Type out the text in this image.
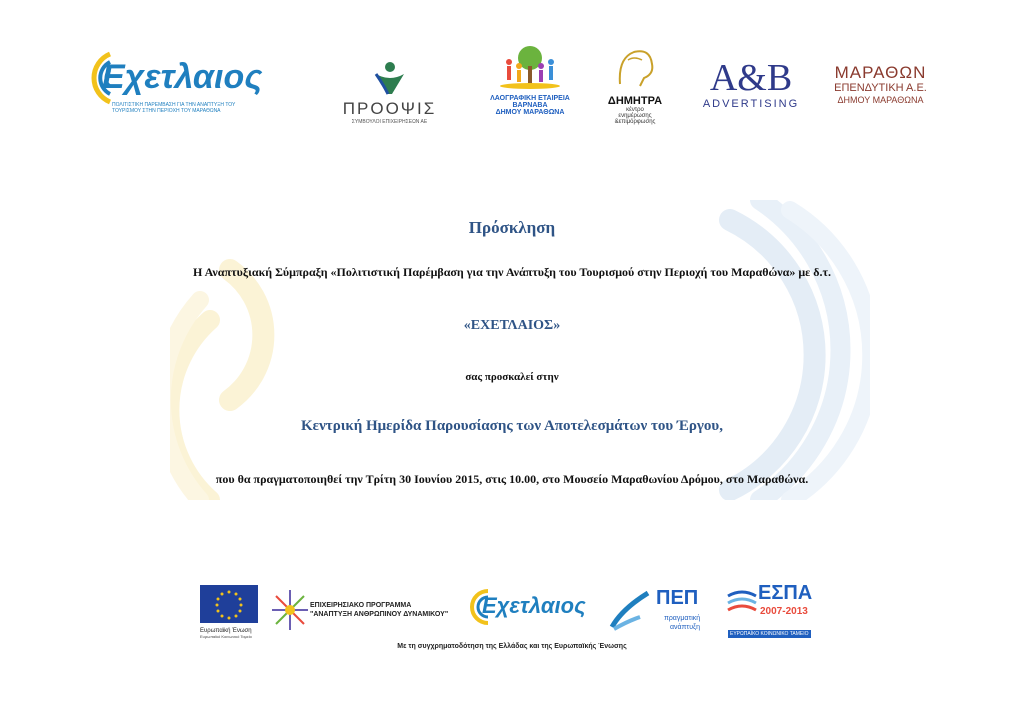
Εχετλαιος
ΠΟΛΙΤΙΣΤΙΚΗ ΠΑΡΕΜΒΑΣΗ ΓΙΑ ΤΗΝ ΑΝΑΠΤΥΞΗ ΤΟΥ ΤΟΥΡΙΣΜΟΥ ΣΤΗΝ ΠΕΡΙΟΧΗ ΤΟΥ ΜΑΡΑΘΩΝΑ	ΠΡΟΟΨΙΣ
ΣΥΜΒΟΥΛΟΙ ΕΠΙΧΕΙΡΗΣΕΩΝ ΑΕ
ΛΑΟΓΡΑΦΙΚΗ ΕΤΑΙΡΕΙΑ
ΒΑΡΝΑΒΑ
ΔΗΜΟΥ ΜΑΡΑΘΩΝΑ
ΔΗΜΗΤΡΑ
κέντρο
ενημέρωσης
&επιμόρφωσης
A&B
ADVERTISING
ΜΑΡΑΘΩΝ
ΕΠΕΝΔΥΤΙΚΗ Α.Ε.
ΔΗΜΟΥ ΜΑΡΑΘΩΝΑ
Πρόσκληση
Η Αναπτυξιακή Σύμπραξη «Πολιτιστική Παρέμβαση για την Ανάπτυξη του Τουρισμού στην Περιοχή του Μαραθώνα» με δ.τ.
«ΕΧΕΤΛΑΙΟΣ»
σας προσκαλεί στην
Κεντρική Ημερίδα Παρουσίασης των Αποτελεσμάτων του Έργου,
που θα πραγματοποιηθεί την Τρίτη 30 Ιουνίου 2015, στις 10.00, στο Μουσείο Μαραθωνίου Δρόμου, στο Μαραθώνα.
Ευρωπαϊκή Ένωση
Ευρωπαϊκό Κοινωνικό Ταμείο
ΕΠΙΧΕΙΡΗΣΙΑΚΟ ΠΡΟΓΡΑΜΜΑ
"ΑΝΑΠΤΥΞΗ ΑΝΘΡΩΠΙΝΟΥ ΔΥΝΑΜΙΚΟΥ" Εχετλαιος	ΠΕΠ
πραγματική
ανάπτυξη
ΕΣΠΑ
2007-2013
ΕΥΡΩΠΑΪΚΟ ΚΟΙΝΩΝΙΚΟ ΤΑΜΕΙΟ
Με τη συγχρηματοδότηση της Ελλάδας και της Ευρωπαϊκής Ένωσης
